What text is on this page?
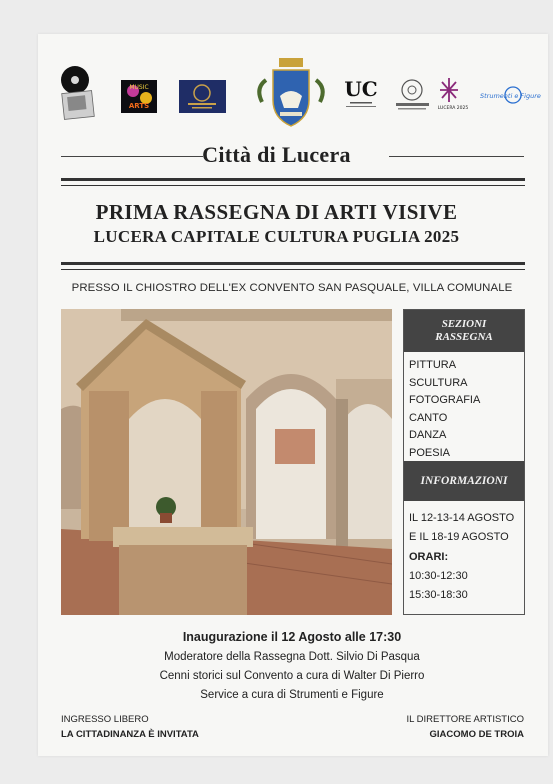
MUSIC
ARTS
UC
LUCERA 2025
Strumenti e Figure
Città di Lucera
PRIMA RASSEGNA DI ARTI VISIVE
LUCERA CAPITALE CULTURA PUGLIA 2025
PRESSO IL CHIOSTRO DELL'EX CONVENTO SAN PASQUALE, VILLA COMUNALE
SEZIONI
RASSEGNA
PITTURA
SCULTURA
FOTOGRAFIA
CANTO
DANZA
POESIA
INFORMAZIONI
IL 12-13-14 AGOSTO
E IL 18-19 AGOSTO
ORARI:
10:30-12:30
15:30-18:30
Inaugurazione il 12 Agosto alle 17:30
Moderatore della Rassegna Dott. Silvio Di Pasqua
Cenni storici sul Convento a cura di Walter Di Pierro
Service a cura di Strumenti e Figure
INGRESSO LIBERO
LA CITTADINANZA È INVITATA
IL DIRETTORE ARTISTICO
GIACOMO DE TROIA
